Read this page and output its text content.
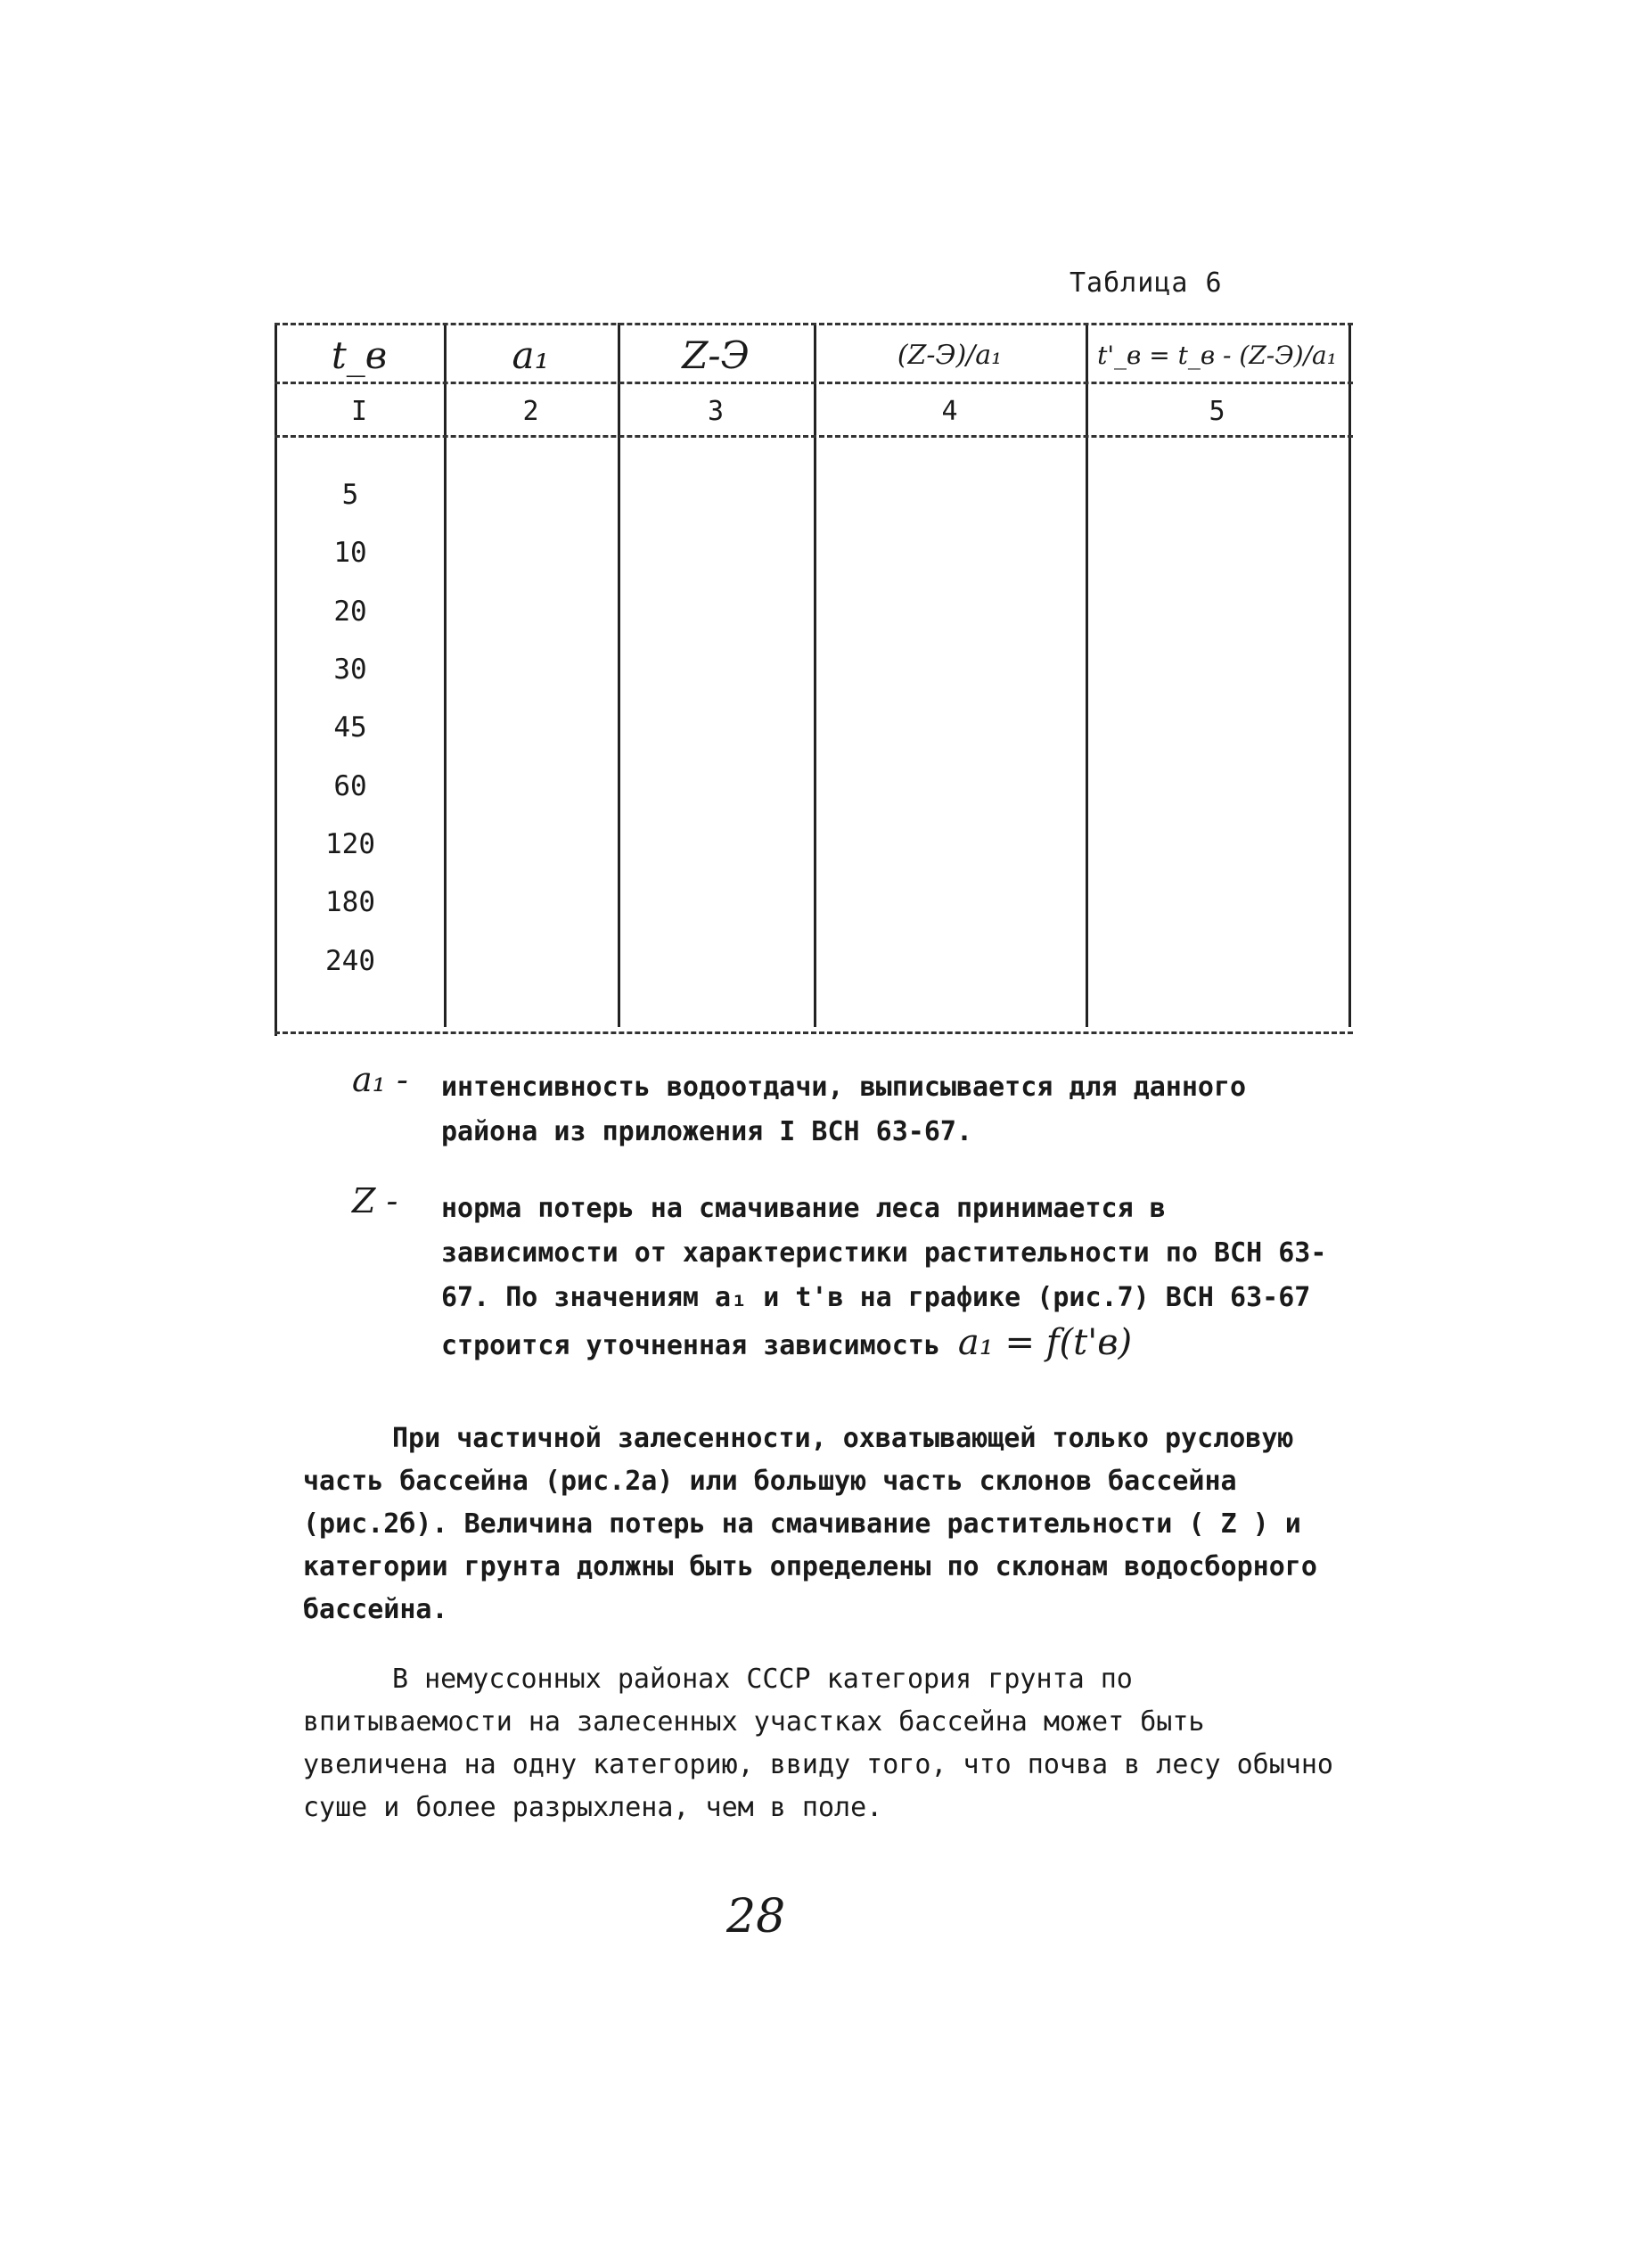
Таблица 6
t_в	a₁	Z-Э	(Z-Э)/a₁	t'_в = t_в - (Z-Э)/a₁
I	2	3	4	5
5
10
20
30
45
60
120
180
240
a₁ - интенсивность водоотдачи, выписывается для данного района из приложения I ВСН 63-67.
Z -	норма потерь на смачивание леса принимается в зависимости от характеристики растительности по ВСН 63-67. По значениям a₁ и t'в на графике (рис.7) ВСН 63-67 строится уточненная зависимость a₁ = f(t'в)
При частичной залесенности, охватывающей только русловую часть бассейна (рис.2а) или большую часть склонов бассейна (рис.2б). Величина потерь на смачивание растительности ( Z ) и категории грунта должны быть определены по склонам водосборного бассейна.
В немуссонных районах СССР категория грунта по впитываемости на залесенных участках бассейна может быть увеличена на одну категорию, ввиду того, что почва в лесу обычно суше и более разрыхлена, чем в поле.
28
